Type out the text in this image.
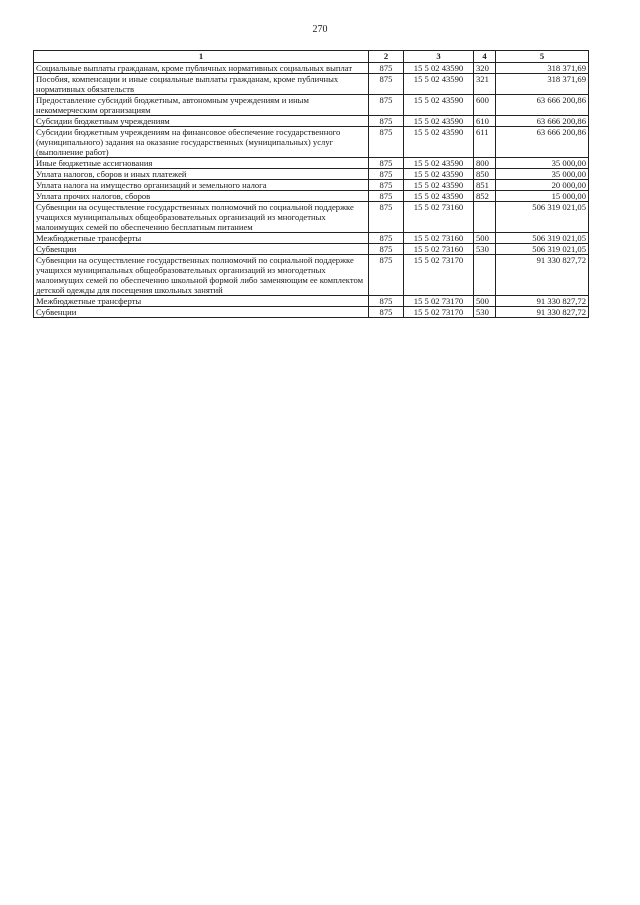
270
1	2	3	4	5
Социальные выплаты гражданам, кроме публичных нормативных социальных выплат	875	15 5 02 43590	320	318 371,69
Пособия, компенсации и иные социальные выплаты гражданам, кроме публичных нормативных обязательств	875	15 5 02 43590	321	318 371,69
Предоставление субсидий бюджетным, автономным учреждениям и иным некоммерческим организациям	875	15 5 02 43590	600	63 666 200,86
Субсидии бюджетным учреждениям	875	15 5 02 43590	610	63 666 200,86
Субсидии бюджетным учреждениям на финансовое обеспечение государственного (муниципального) задания на оказание государственных (муниципальных) услуг (выполнение работ)	875	15 5 02 43590	611	63 666 200,86
Иные бюджетные ассигнования	875	15 5 02 43590	800	35 000,00
Уплата налогов, сборов и иных платежей	875	15 5 02 43590	850	35 000,00
Уплата налога на имущество организаций и земельного налога	875	15 5 02 43590	851	20 000,00
Уплата прочих налогов, сборов	875	15 5 02 43590	852	15 000,00
Субвенции на осуществление государственных полномочий по социальной поддержке учащихся муниципальных общеобразовательных организаций из многодетных малоимущих семей по обеспечению бесплатным питанием	875	15 5 02 73160		506 319 021,05
Межбюджетные трансферты	875	15 5 02 73160	500	506 319 021,05
Субвенции	875	15 5 02 73160	530	506 319 021,05
Субвенции на осуществление государственных полномочий по социальной поддержке учащихся муниципальных общеобразовательных организаций из многодетных малоимущих семей по обеспечению школьной формой либо заменяющим ее комплектом детской одежды для посещения школьных занятий	875	15 5 02 73170		91 330 827,72
Межбюджетные трансферты	875	15 5 02 73170	500	91 330 827,72
Субвенции	875	15 5 02 73170	530	91 330 827,72
